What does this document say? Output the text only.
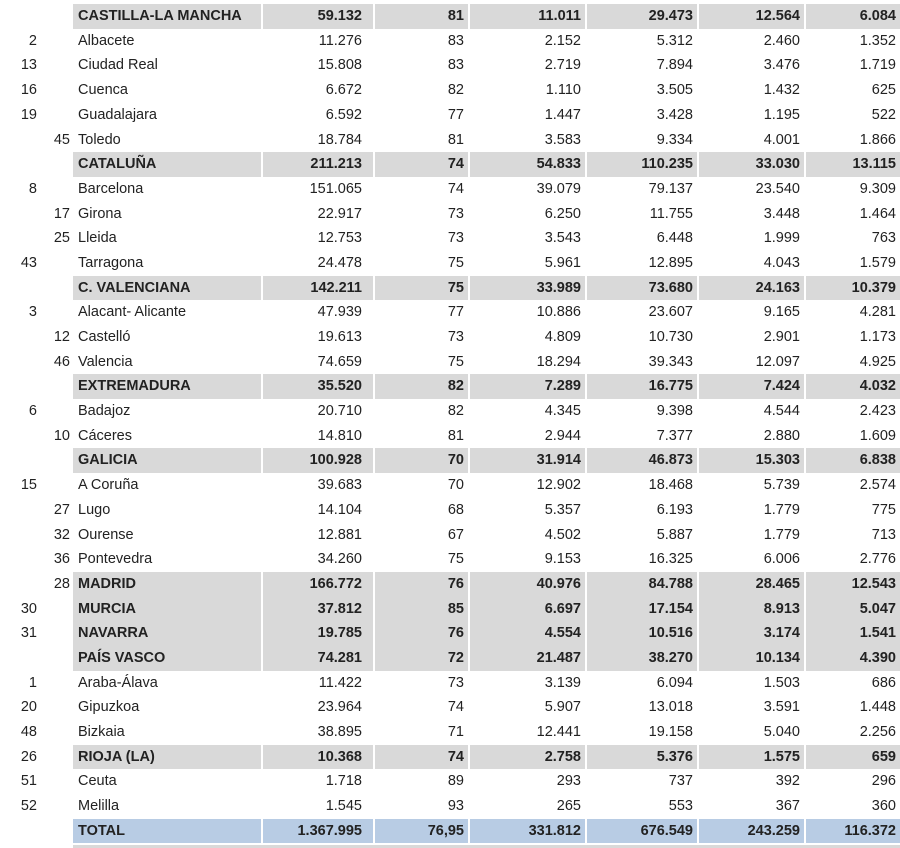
CASTILLA-LA MANCHA	59.132	81	11.011	29.473	12.564	6.084
2	Albacete	11.276	83	2.152	5.312	2.460	1.352
13	Ciudad Real	15.808	83	2.719	7.894	3.476	1.719
16	Cuenca	6.672	82	1.110	3.505	1.432	625
19	Guadalajara	6.592	77	1.447	3.428	1.195	522
45 Toledo	18.784	81	3.583	9.334	4.001	1.866
CATALUÑA	211.213	74	54.833	110.235	33.030	13.115
8	Barcelona	151.065	74	39.079	79.137	23.540	9.309
17 Girona	22.917	73	6.250	11.755	3.448	1.464
25 Lleida	12.753	73	3.543	6.448	1.999	763
43	Tarragona	24.478	75	5.961	12.895	4.043	1.579
C. VALENCIANA	142.211	75	33.989	73.680	24.163	10.379
3	Alacant- Alicante	47.939	77	10.886	23.607	9.165	4.281
12 Castelló	19.613	73	4.809	10.730	2.901	1.173
46 Valencia	74.659	75	18.294	39.343	12.097	4.925
EXTREMADURA	35.520	82	7.289	16.775	7.424	4.032
6	Badajoz	20.710	82	4.345	9.398	4.544	2.423
10 Cáceres	14.810	81	2.944	7.377	2.880	1.609
GALICIA	100.928	70	31.914	46.873	15.303	6.838
15	A Coruña	39.683	70	12.902	18.468	5.739	2.574
27 Lugo	14.104	68	5.357	6.193	1.779	775
32 Ourense	12.881	67	4.502	5.887	1.779	713
36 Pontevedra	34.260	75	9.153	16.325	6.006	2.776
28 MADRID	166.772	76	40.976	84.788	28.465	12.543
30	MURCIA	37.812	85	6.697	17.154	8.913	5.047
31	NAVARRA	19.785	76	4.554	10.516	3.174	1.541
PAÍS VASCO	74.281	72	21.487	38.270	10.134	4.390
1	Araba-Álava	11.422	73	3.139	6.094	1.503	686
20	Gipuzkoa	23.964	74	5.907	13.018	3.591	1.448
48	Bizkaia	38.895	71	12.441	19.158	5.040	2.256
26	RIOJA (LA)	10.368	74	2.758	5.376	1.575	659
51	Ceuta	1.718	89	293	737	392	296
52	Melilla	1.545	93	265	553	367	360
TOTAL	1.367.995	76,95	331.812	676.549	243.259	116.372
